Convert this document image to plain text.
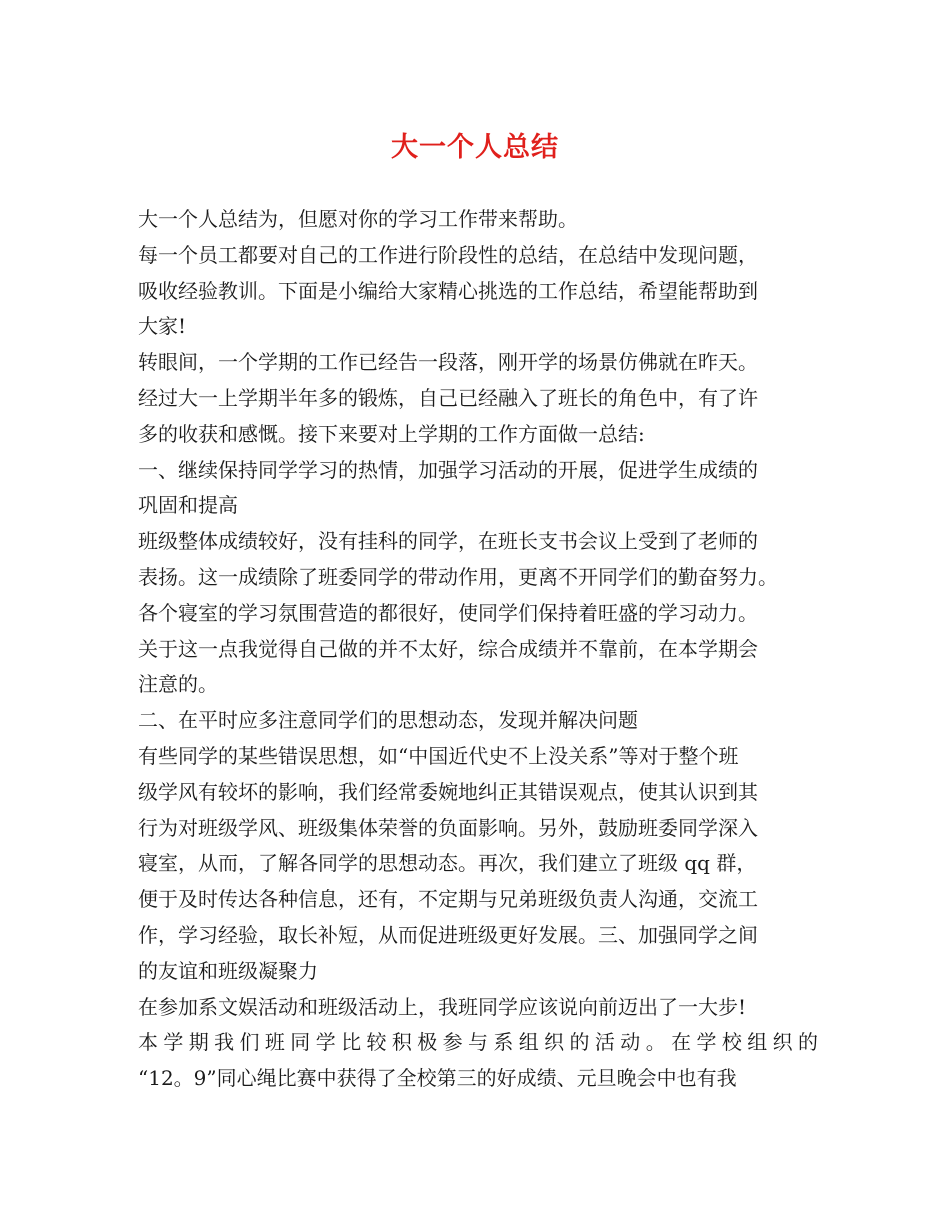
大一个人总结
大一个人总结为，但愿对你的学习工作带来帮助。
每一个员工都要对自己的工作进行阶段性的总结，在总结中发现问题，
吸收经验教训。下面是小编给大家精心挑选的工作总结，希望能帮助到
大家!
转眼间，一个学期的工作已经告一段落，刚开学的场景仿佛就在昨天。
经过大一上学期半年多的锻炼，自己已经融入了班长的角色中，有了许
多的收获和感慨。接下来要对上学期的工作方面做一总结:
一、继续保持同学学习的热情，加强学习活动的开展，促进学生成绩的
巩固和提高
班级整体成绩较好，没有挂科的同学，在班长支书会议上受到了老师的
表扬。这一成绩除了班委同学的带动作用，更离不开同学们的勤奋努力。
各个寝室的学习氛围营造的都很好，使同学们保持着旺盛的学习动力。
关于这一点我觉得自己做的并不太好，综合成绩并不靠前，在本学期会
注意的。
二、在平时应多注意同学们的思想动态，发现并解决问题
有些同学的某些错误思想，如“中国近代史不上没关系”等对于整个班
级学风有较坏的影响，我们经常委婉地纠正其错误观点，使其认识到其
行为对班级学风、班级集体荣誉的负面影响。另外，鼓励班委同学深入
寝室，从而，了解各同学的思想动态。再次，我们建立了班级 qq 群，
便于及时传达各种信息，还有，不定期与兄弟班级负责人沟通，交流工
作，学习经验，取长补短，从而促进班级更好发展。三、加强同学之间
的友谊和班级凝聚力
在参加系文娱活动和班级活动上，我班同学应该说向前迈出了一大步!
本学期我们班同学比较积极参与系组织的活动。在学校组织的
“12。9”同心绳比赛中获得了全校第三的好成绩、元旦晚会中也有我
